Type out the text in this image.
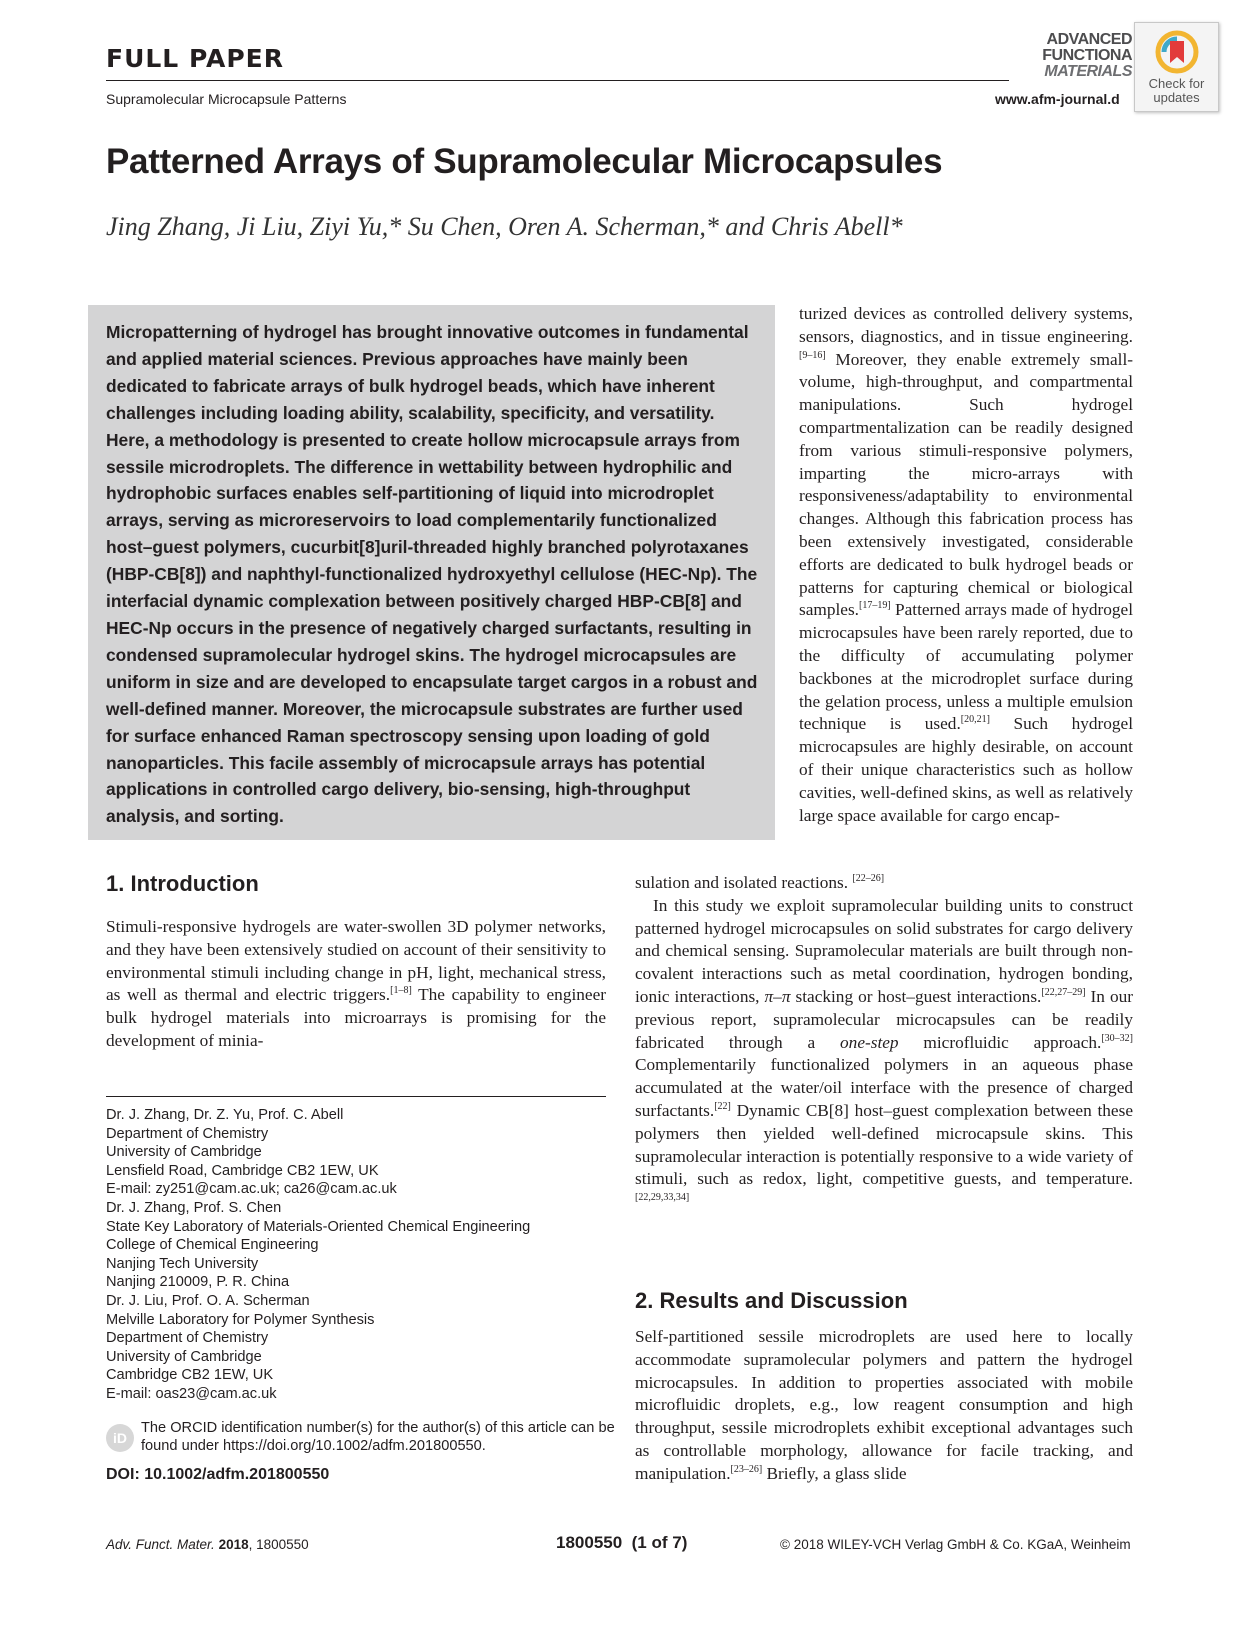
FULL PAPER
Supramolecular Microcapsule Patterns	www.afm-journal.d
ADVANCED
FUNCTIONA
MATERIALS
Check for updates
Patterned Arrays of Supramolecular Microcapsules
Jing Zhang, Ji Liu, Ziyi Yu,* Su Chen, Oren A. Scherman,* and Chris Abell*
Micropatterning of hydrogel has brought innovative outcomes in fundamental and applied material sciences. Previous approaches have mainly been dedicated to fabricate arrays of bulk hydrogel beads, which have inherent challenges including loading ability, scalability, specificity, and versatility. Here, a methodology is presented to create hollow microcapsule arrays from sessile microdroplets. The difference in wettability between hydrophilic and hydrophobic surfaces enables self-partitioning of liquid into microdroplet arrays, serving as microreservoirs to load complementarily functionalized host–guest polymers, cucurbit[8]uril-threaded highly branched polyrotaxanes (HBP-CB[8]) and naphthyl-functionalized hydroxyethyl cellulose (HEC-Np). The interfacial dynamic complexation between positively charged HBP-CB[8] and HEC-Np occurs in the presence of negatively charged surfactants, resulting in condensed supramolecular hydrogel skins. The hydrogel microcapsules are uniform in size and are developed to encapsulate target cargos in a robust and well-defined manner. Moreover, the microcapsule substrates are further used for surface enhanced Raman spectroscopy sensing upon loading of gold nanoparticles. This facile assembly of microcapsule arrays has potential applications in controlled cargo delivery, bio-sensing, high-throughput analysis, and sorting.
turized devices as controlled delivery systems, sensors, diagnostics, and in tissue engineering.[9–16] Moreover, they enable extremely small-volume, high-throughput, and compartmental manipulations. Such hydrogel compartmentalization can be readily designed from various stimuli-responsive polymers, imparting the micro-arrays with responsiveness/adaptability to environmental changes. Although this fabrication process has been extensively investigated, considerable efforts are dedicated to bulk hydrogel beads or patterns for capturing chemical or biological samples.[17–19] Patterned arrays made of hydrogel microcapsules have been rarely reported, due to the difficulty of accumulating polymer backbones at the microdroplet surface during the gelation process, unless a multiple emulsion technique is used.[20,21] Such hydrogel microcapsules are highly desirable, on account of their unique characteristics such as hollow cavities, well-defined skins, as well as relatively large space available for cargo encap-
sulation and isolated reactions. [22–26]
In this study we exploit supramolecular building units to construct patterned hydrogel microcapsules on solid substrates for cargo delivery and chemical sensing. Supramolecular materials are built through non-covalent interactions such as metal coordination, hydrogen bonding, ionic interactions, π–π stacking or host–guest interactions.[22,27–29] In our previous report, supramolecular microcapsules can be readily fabricated through a one-step microfluidic approach.[30–32] Complementarily functionalized polymers in an aqueous phase accumulated at the water/oil interface with the presence of charged surfactants.[22] Dynamic CB[8] host–guest complexation between these polymers then yielded well-defined microcapsule skins. This supramolecular interaction is potentially responsive to a wide variety of stimuli, such as redox, light, competitive guests, and temperature.[22,29,33,34]
1. Introduction
Stimuli-responsive hydrogels are water-swollen 3D polymer networks, and they have been extensively studied on account of their sensitivity to environmental stimuli including change in pH, light, mechanical stress, as well as thermal and electric triggers.[1–8] The capability to engineer bulk hydrogel materials into microarrays is promising for the development of minia-
2. Results and Discussion
Self-partitioned sessile microdroplets are used here to locally accommodate supramolecular polymers and pattern the hydrogel microcapsules. In addition to properties associated with mobile microfluidic droplets, e.g., low reagent consumption and high throughput, sessile microdroplets exhibit exceptional advantages such as controllable morphology, allowance for facile tracking, and manipulation.[23–26] Briefly, a glass slide
Dr. J. Zhang, Dr. Z. Yu, Prof. C. Abell
Department of Chemistry
University of Cambridge
Lensfield Road, Cambridge CB2 1EW, UK
E-mail: zy251@cam.ac.uk; ca26@cam.ac.uk
Dr. J. Zhang, Prof. S. Chen
State Key Laboratory of Materials-Oriented Chemical Engineering
College of Chemical Engineering
Nanjing Tech University
Nanjing 210009, P. R. China
Dr. J. Liu, Prof. O. A. Scherman
Melville Laboratory for Polymer Synthesis
Department of Chemistry
University of Cambridge
Cambridge CB2 1EW, UK
E-mail: oas23@cam.ac.uk
iD
The ORCID identification number(s) for the author(s) of this article can be found under https://doi.org/10.1002/adfm.201800550.
DOI: 10.1002/adfm.201800550
Adv. Funct. Mater. 2018, 1800550	1800550  (1 of 7)	© 2018 WILEY-VCH Verlag GmbH & Co. KGaA, Weinheim
